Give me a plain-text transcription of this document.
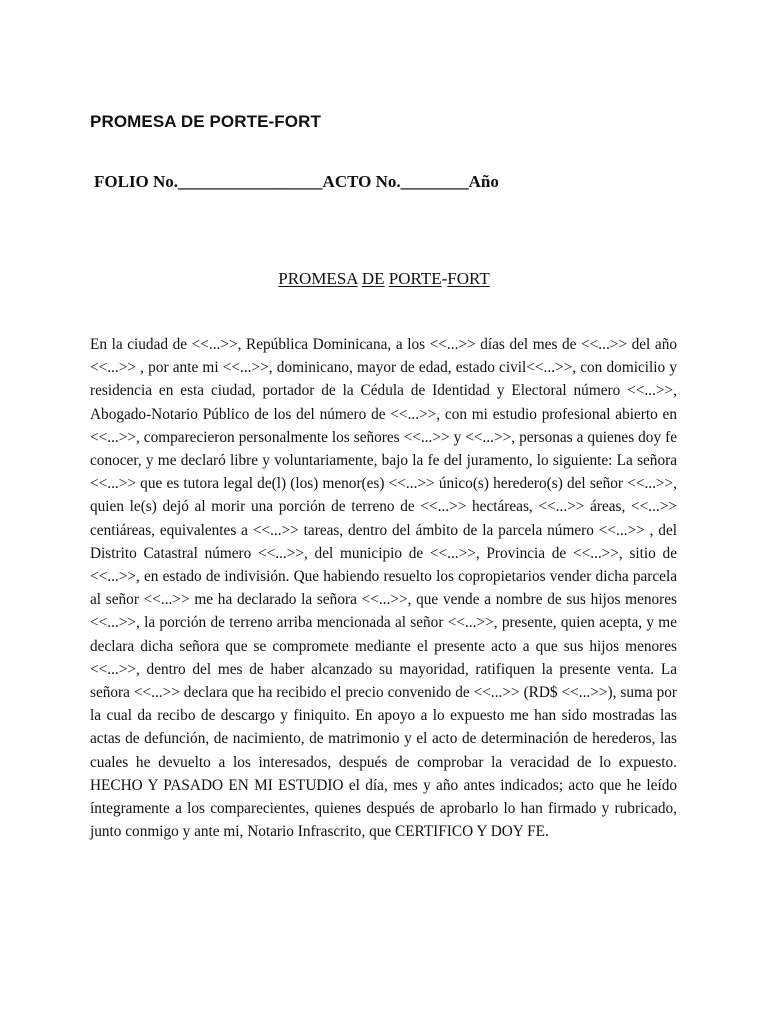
PROMESA DE PORTE-FORT
FOLIO No._________________ACTO No.________Año
PROMESA DE PORTE-FORT

En la ciudad de <<...>>, República Dominicana, a los <<...>> días del mes de <<...>> del año <<...>> , por ante mi <<...>>, dominicano, mayor de edad, estado civil<<...>>, con domicilio y residencia en esta ciudad, portador de la Cédula de Identidad y Electoral número <<...>>, Abogado-Notario Público de los del número de <<...>>, con mi estudio profesional abierto en <<...>>, comparecieron personalmente los señores <<...>> y <<...>>, personas a quienes doy fe conocer, y me declaró libre y voluntariamente, bajo la fe del juramento, lo siguiente: La señora <<...>> que es tutora legal de(l) (los) menor(es) <<...>> único(s) heredero(s) del señor <<...>>, quien le(s) dejó al morir una porción de terreno de <<...>> hectáreas, <<...>> áreas, <<...>> centiáreas, equivalentes a <<...>> tareas, dentro del ámbito de la parcela número <<...>> , del Distrito Catastral número <<...>>, del municipio de <<...>>, Provincia de <<...>>, sitio de <<...>>, en estado de indivisión. Que habiendo resuelto los copropietarios vender dicha parcela al señor <<...>> me ha declarado la señora <<...>>, que vende a nombre de sus hijos menores <<...>>, la porción de terreno arriba mencionada al señor <<...>>, presente, quien acepta, y me declara dicha señora que se compromete mediante el presente acto a que sus hijos menores <<...>>, dentro del mes de haber alcanzado su mayoridad, ratifiquen la presente venta. La señora <<...>> declara que ha recibido el precio convenido de <<...>> (RD$ <<...>>), suma por la cual da recibo de descargo y finiquito. En apoyo a lo expuesto me han sido mostradas las actas de defunción, de nacimiento, de matrimonio y el acto de determinación de herederos, las cuales he devuelto a los interesados, después de comprobar la veracidad de lo expuesto. HECHO Y PASADO EN MI ESTUDIO el día, mes y año antes indicados; acto que he leído íntegramente a los comparecientes, quienes después de aprobarlo lo han firmado y rubricado, junto conmigo y ante mi, Notario Infrascrito, que CERTIFICO Y DOY FE.
